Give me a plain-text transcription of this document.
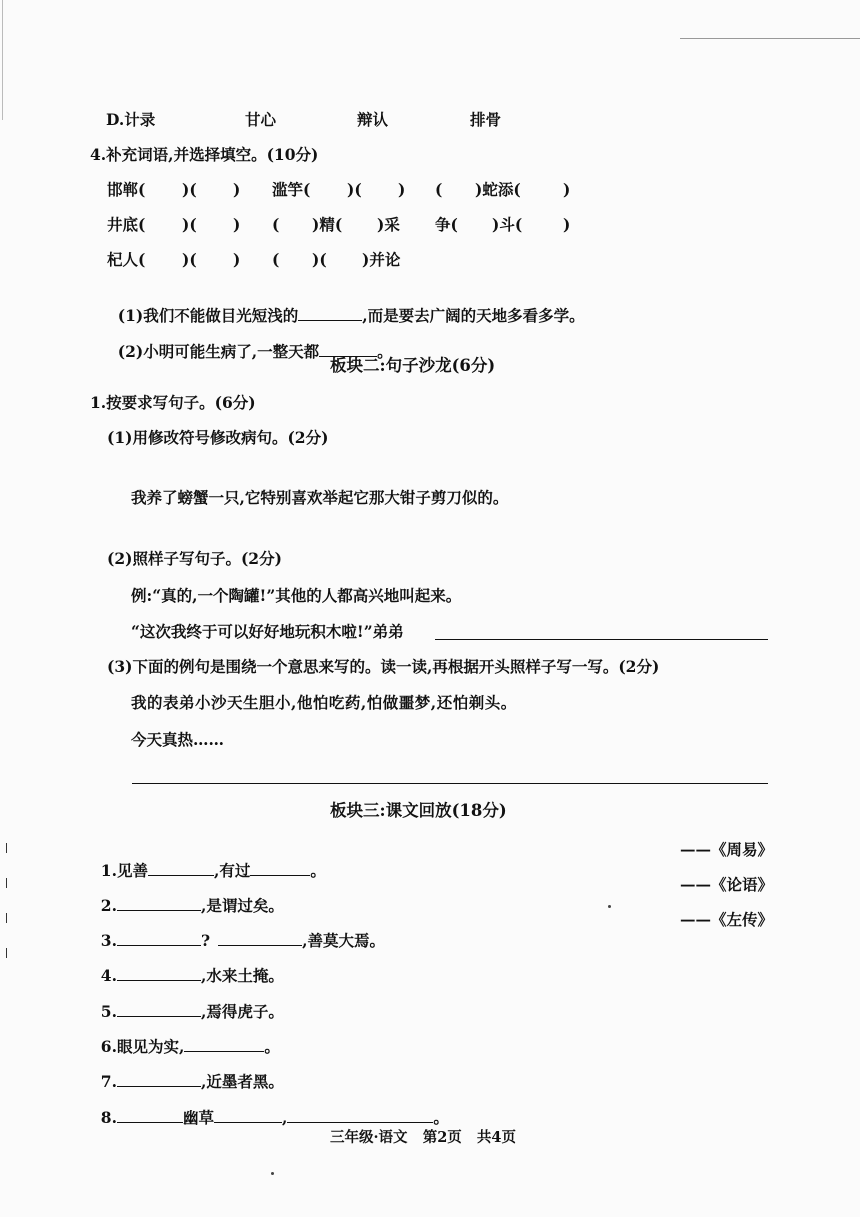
D.计录	甘心	辩认	排骨
4.补充词语,并选择填空。(10分)
邯郸( )( ) 滥竽( )( ) ( )蛇添(	)
井底( )( ) ( )精( )采 争( )斗(	)
杞人( )( ) ( )( )并论

(1)我们不能做目光短浅的	,而是要去广阔的天地多看多学。

(2)小明可能生病了,一整天都	。

板块二:句子沙龙(6分)
1.按要求写句子。(6分)
(1)用修改符号修改病句。(2分)
我养了螃蟹一只,它特别喜欢举起它那大钳子剪刀似的。
(2)照样子写句子。(2分)
例:“真的,一个陶罐!”其他的人都高兴地叫起来。
“这次我终于可以好好地玩积木啦!”弟弟
(3)下面的例句是围绕一个意思来写的。读一读,再根据开头照样子写一写。(2分)
我的表弟小沙天生胆小,他怕吃药,怕做噩梦,还怕剃头。
今天真热……
板块三:课文回放(18分)

1.见善	,有过	。

——《周易》

2.	,是谓过矣。

——《论语》

3.	?	,善莫大焉。

——《左传》

4.	,水来土掩。

5.	,焉得虎子。

6.眼见为实,	。

7.	,近墨者黑。

8.	幽草	,	。

三年级·语文   第2页   共4页
